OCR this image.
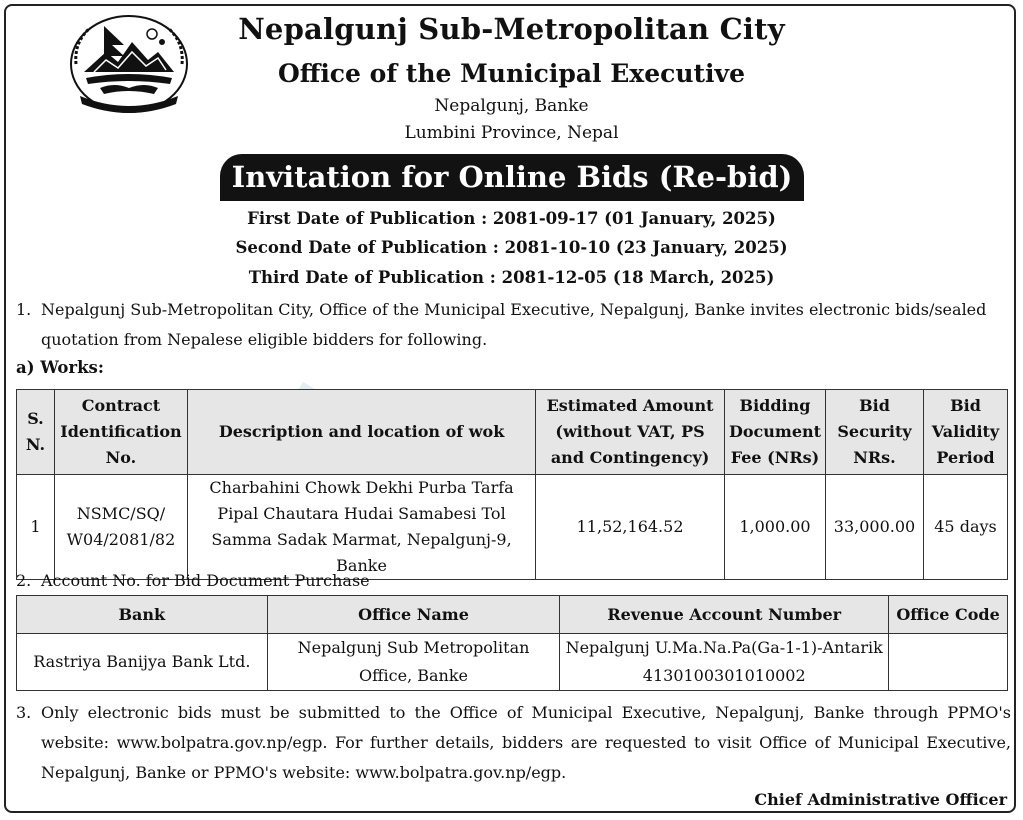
Nepalgunj Sub-Metropolitan City
Office of the Municipal Executive
Nepalgunj, Banke
Lumbini Province, Nepal
Invitation for Online Bids (Re-bid)
First Date of Publication : 2081-09-17 (01 January, 2025)
Second Date of Publication : 2081-10-10 (23 January, 2025)
Third Date of Publication : 2081-12-05 (18 March, 2025)
1. Nepalgunj Sub-Metropolitan City, Office of the Municipal Executive, Nepalgunj, Banke invites electronic bids/sealed quotation from Nepalese eligible bidders for following.
a) Works:
S. N.	Contract Identification No.	Description and location of wok	Estimated Amount (without VAT, PS and Contingency)	Bidding Document Fee (NRs)	Bid Security NRs.	Bid Validity Period
1	NSMC/SQ/ W04/2081/82	Charbahini Chowk Dekhi Purba Tarfa Pipal Chautara Hudai Samabesi Tol Samma Sadak Marmat, Nepalgunj-9, Banke	11,52,164.52	1,000.00	33,000.00	45 days
2. Account No. for Bid Document Purchase
Bank	Office Name	Revenue Account Number	Office Code
Rastriya Banijya Bank Ltd.	Nepalgunj Sub Metropolitan Office, Banke	Nepalgunj U.Ma.Na.Pa(Ga-1-1)-Antarik 4130100301010002	
3. Only electronic bids must be submitted to the Office of Municipal Executive, Nepalgunj, Banke through PPMO's website: www.bolpatra.gov.np/egp. For further details, bidders are requested to visit Office of Municipal Executive, Nepalgunj, Banke or PPMO's website: www.bolpatra.gov.np/egp.
Chief Administrative Officer
